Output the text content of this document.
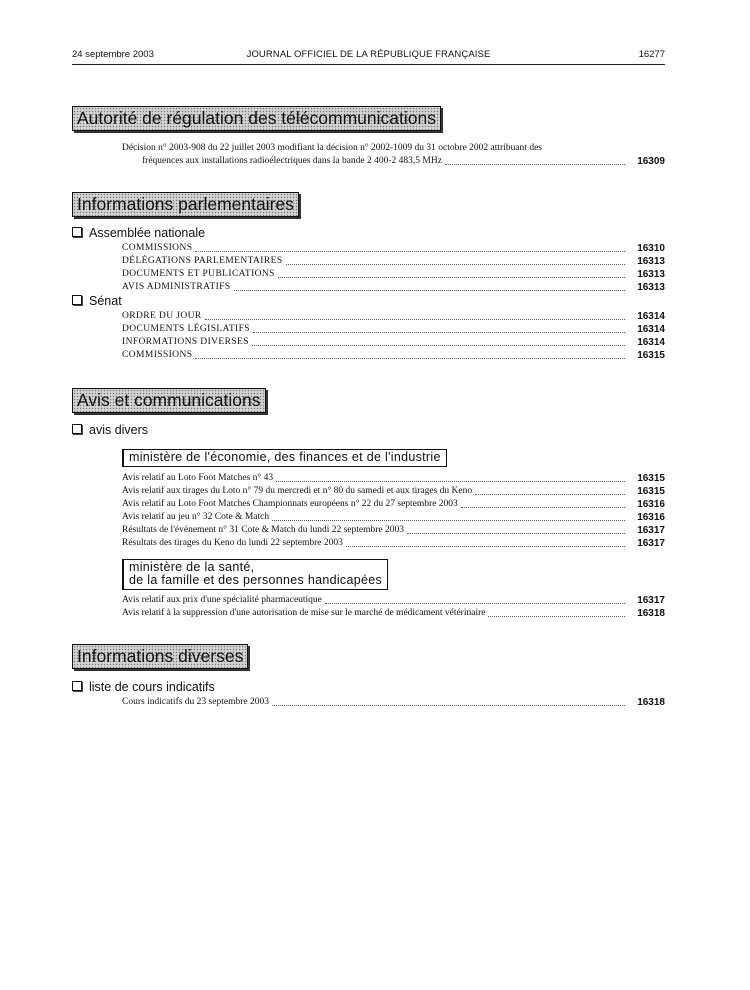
24 septembre 2003	JOURNAL OFFICIEL DE LA RÉPUBLIQUE FRANÇAISE	16277
Autorité de régulation des télécommunications
Décision n° 2003-908 du 22 juillet 2003 modifiant la décision n° 2002-1009 du 31 octobre 2002 attribuant des
fréquences aux installations radioélectriques dans la bande 2 400-2 483,5 MHz	16309
Informations parlementaires
Assemblée nationale
COMMISSIONS	16310
DÉLÉGATIONS PARLEMENTAIRES	16313
DOCUMENTS ET PUBLICATIONS	16313
AVIS ADMINISTRATIFS	16313
Sénat
ORDRE DU JOUR	16314
DOCUMENTS LÉGISLATIFS	16314
INFORMATIONS DIVERSES	16314
COMMISSIONS	16315
Avis et communications
avis divers
ministère de l'économie, des finances et de l'industrie
Avis relatif au Loto Foot Matches n° 43	16315
Avis relatif aux tirages du Loto n° 79 du mercredi et n° 80 du samedi et aux tirages du Keno	16315
Avis relatif au Loto Foot Matches Championnats européens n° 22 du 27 septembre 2003	16316
Avis relatif au jeu n° 32 Cote & Match	16316
Résultats de l'événement n° 31 Cote & Match du lundi 22 septembre 2003	16317
Résultats des tirages du Keno du lundi 22 septembre 2003	16317
ministère de la santé,
de la famille et des personnes handicapées
Avis relatif aux prix d'une spécialité pharmaceutique	16317
Avis relatif à la suppression d'une autorisation de mise sur le marché de médicament vétérinaire	16318
Informations diverses
liste de cours indicatifs
Cours indicatifs du 23 septembre 2003	16318
